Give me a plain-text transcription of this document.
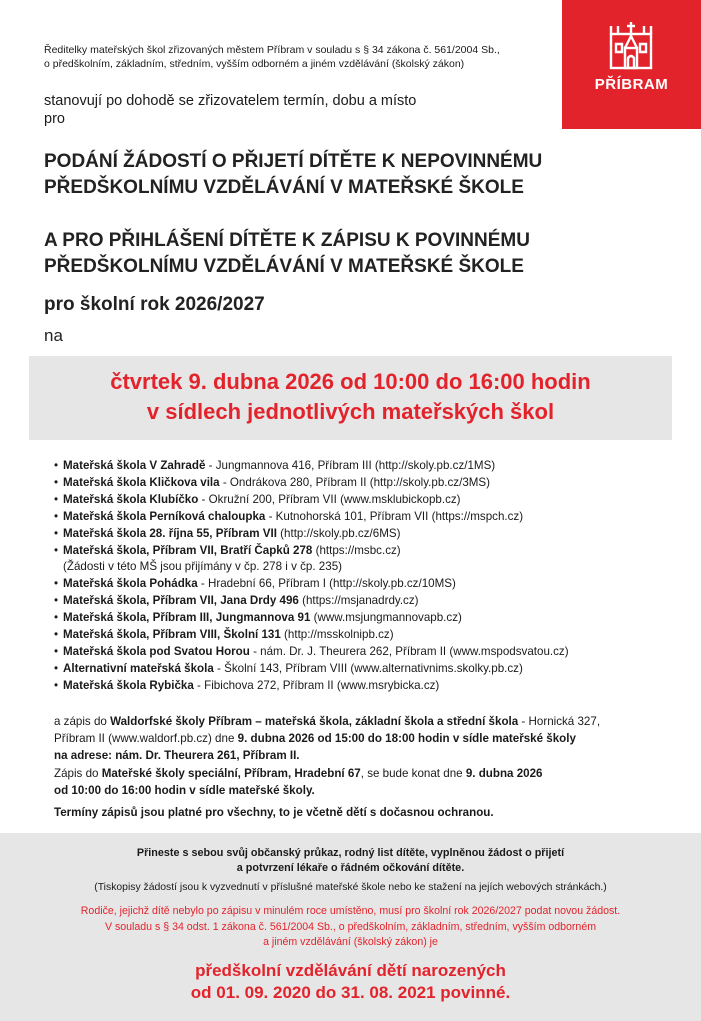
PŘÍBRAM
Ředitelky mateřských škol zřizovaných městem Příbram v souladu s § 34 zákona č. 561/2004 Sb.,
o předškolním, základním, středním, vyšším odborném a jiném vzdělávání (školský zákon)
stanovují po dohodě se zřizovatelem termín, dobu a místo
pro
PODÁNÍ ŽÁDOSTÍ O PŘIJETÍ DÍTĚTE K NEPOVINNÉMU
PŘEDŠKOLNÍMU VZDĚLÁVÁNÍ V MATEŘSKÉ ŠKOLE
A PRO PŘIHLÁŠENÍ DÍTĚTE K ZÁPISU K POVINNÉMU
PŘEDŠKOLNÍMU VZDĚLÁVÁNÍ V MATEŘSKÉ ŠKOLE
pro školní rok 2026/2027
na
čtvrtek 9. dubna 2026 od 10:00 do 16:00 hodin
v sídlech jednotlivých mateřských škol
• Mateřská škola V Zahradě - Jungmannova 416, Příbram III (http://skoly.pb.cz/1MS)
• Mateřská škola Kličkova vila - Ondrákova 280, Příbram II (http://skoly.pb.cz/3MS)
• Mateřská škola Klubíčko - Okružní 200, Příbram VII (www.msklubickopb.cz)
• Mateřská škola Perníková chaloupka - Kutnohorská 101, Příbram VII (https://mspch.cz)
• Mateřská škola 28. října 55, Příbram VII (http://skoly.pb.cz/6MS)
• Mateřská škola, Příbram VII, Bratří Čapků 278 (https://msbc.cz)
(Žádosti v této MŠ jsou přijímány v čp. 278 i v čp. 235)
• Mateřská škola Pohádka - Hradební 66, Příbram I (http://skoly.pb.cz/10MS)
• Mateřská škola, Příbram VII, Jana Drdy 496 (https://msjanadrdy.cz)
• Mateřská škola, Příbram III, Jungmannova 91 (www.msjungmannovapb.cz)
• Mateřská škola, Příbram VIII, Školní 131 (http://msskolnipb.cz)
• Mateřská škola pod Svatou Horou - nám. Dr. J. Theurera 262, Příbram II (www.mspodsvatou.cz)
• Alternativní mateřská škola - Školní 143, Příbram VIII (www.alternativnims.skolky.pb.cz)
• Mateřská škola Rybička - Fibichova 272, Příbram II (www.msrybicka.cz)
a zápis do Waldorfské školy Příbram – mateřská škola, základní škola a střední škola - Hornická 327,
Příbram II (www.waldorf.pb.cz) dne 9. dubna 2026 od 15:00 do 18:00 hodin v sídle mateřské školy
na adrese: nám. Dr. Theurera 261, Příbram II.
Zápis do Mateřské školy speciální, Příbram, Hradební 67, se bude konat dne 9. dubna 2026
od 10:00 do 16:00 hodin v sídle mateřské školy.
Termíny zápisů jsou platné pro všechny, to je včetně dětí s dočasnou ochranou.
Přineste s sebou svůj občanský průkaz, rodný list dítěte, vyplněnou žádost o přijetí
a potvrzení lékaře o řádném očkování dítěte.
(Tiskopisy žádostí jsou k vyzvednutí v příslušné mateřské škole nebo ke stažení na jejích webových stránkách.)
Rodiče, jejichž dítě nebylo po zápisu v minulém roce umístěno, musí pro školní rok 2026/2027 podat novou žádost.
V souladu s § 34 odst. 1 zákona č. 561/2004 Sb., o předškolním, základním, středním, vyšším odborném
a jiném vzdělávání (školský zákon) je
předškolní vzdělávání dětí narozených
od 01. 09. 2020 do 31. 08. 2021 povinné.
